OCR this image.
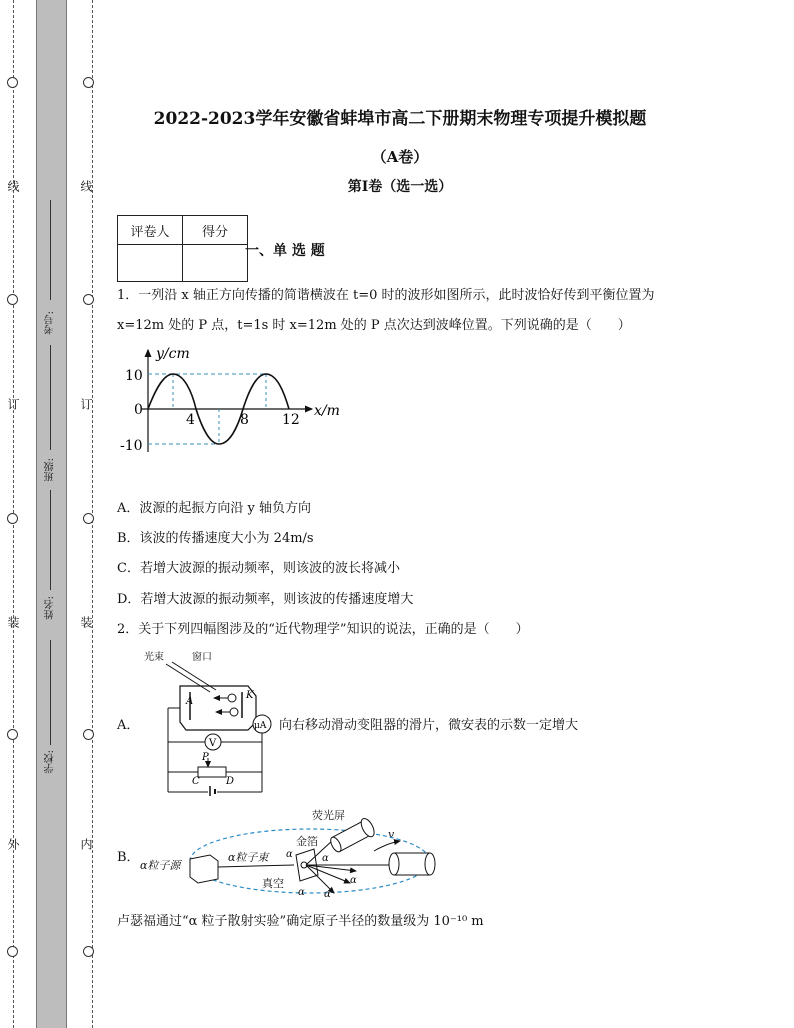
线
订
装
外
线
订
装
内
考号:
班级:
姓名:
学校:
2022-2023学年安徽省蚌埠市高二下册期末物理专项提升模拟题
（A卷）
第I卷（选一选）
评卷人	得分

一、单 选 题
1．一列沿 x 轴正方向传播的简谐横波在 t=0 时的波形如图所示，此时波恰好传到平衡位置为
x=12m 处的 P 点，t=1s 时 x=12m 处的 P 点次达到波峰位置。下列说确的是（　　）
y/cm
x/m
10
0
-10
4	8 12
A．波源的起振方向沿 y 轴负方向
B．该波的传播速度大小为 24m/s
C．若增大波源的振动频率，则该波的波长将减小
D．若增大波源的振动频率，则该波的传播速度增大
2．关于下列四幅图涉及的“近代物理学”知识的说法，正确的是（　　）
A．
光束	窗口
A
K
μA
V
P
C	D
向右移动滑动变阻器的滑片，微安表的示数一定增大
B．
荧光屏
金箔
α粒子束
α粒子源
真空
v
α	α
α α
α
卢瑟福通过“α 粒子散射实验”确定原子半径的数量级为 10⁻¹⁰ m
